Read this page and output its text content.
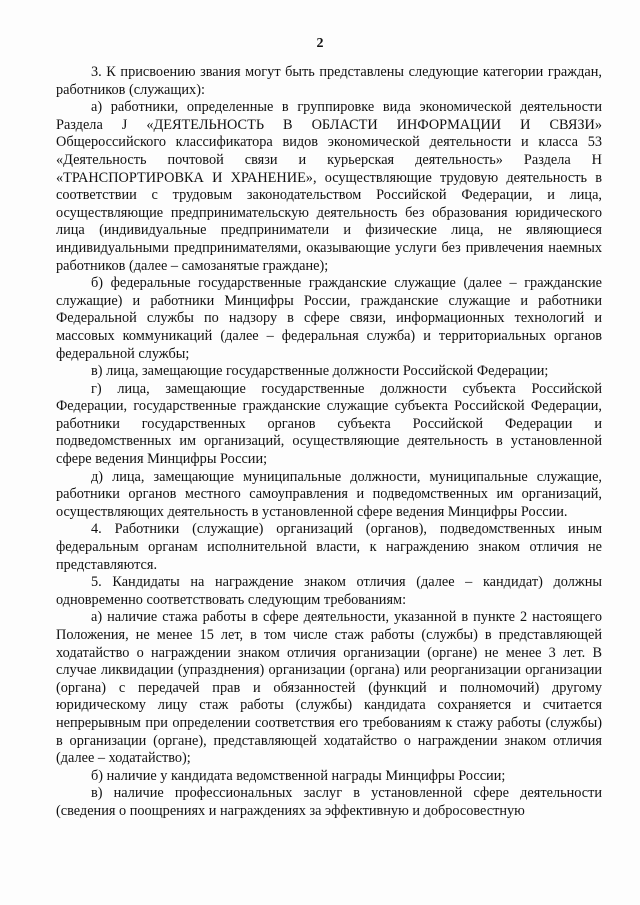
2

3. К присвоению звания могут быть представлены следующие категории граждан, работников (служащих):

а) работники, определенные в группировке вида экономической деятельности Раздела J «ДЕЯТЕЛЬНОСТЬ В ОБЛАСТИ ИНФОРМАЦИИ И СВЯЗИ» Общероссийского классификатора видов экономической деятельности и класса 53 «Деятельность почтовой связи и курьерская деятельность» Раздела Н «ТРАНСПОРТИРОВКА И ХРАНЕНИЕ», осуществляющие трудовую деятельность в соответствии с трудовым законодательством Российской Федерации, и лица, осуществляющие предпринимательскую деятельность без образования юридического лица (индивидуальные предприниматели и физические лица, не являющиеся индивидуальными предпринимателями, оказывающие услуги без привлечения наемных работников (далее – самозанятые граждане);

б) федеральные государственные гражданские служащие (далее – гражданские служащие) и работники Минцифры России, гражданские служащие и работники Федеральной службы по надзору в сфере связи, информационных технологий и массовых коммуникаций (далее – федеральная служба) и территориальных органов федеральной службы;

в) лица, замещающие государственные должности Российской Федерации;

г) лица, замещающие государственные должности субъекта Российской Федерации, государственные гражданские служащие субъекта Российской Федерации, работники государственных органов субъекта Российской Федерации и подведомственных им организаций, осуществляющие деятельность в установленной сфере ведения Минцифры России;

д) лица, замещающие муниципальные должности, муниципальные служащие, работники органов местного самоуправления и подведомственных им организаций, осуществляющих деятельность в установленной сфере ведения Минцифры России.

4. Работники (служащие) организаций (органов), подведомственных иным федеральным органам исполнительной власти, к награждению знаком отличия не представляются.

5. Кандидаты на награждение знаком отличия (далее – кандидат) должны одновременно соответствовать следующим требованиям:

а) наличие стажа работы в сфере деятельности, указанной в пункте 2 настоящего Положения, не менее 15 лет, в том числе стаж работы (службы) в представляющей ходатайство о награждении знаком отличия организации (органе) не менее 3 лет. В случае ликвидации (упразднения) организации (органа) или реорганизации организации (органа) с передачей прав и обязанностей (функций и полномочий) другому юридическому лицу стаж работы (службы) кандидата сохраняется и считается непрерывным при определении соответствия его требованиям к стажу работы (службы) в организации (органе), представляющей ходатайство о награждении знаком отличия (далее – ходатайство);

б) наличие у кандидата ведомственной награды Минцифры России;

в) наличие профессиональных заслуг в установленной сфере деятельности (сведения о поощрениях и награждениях за эффективную и добросовестную
